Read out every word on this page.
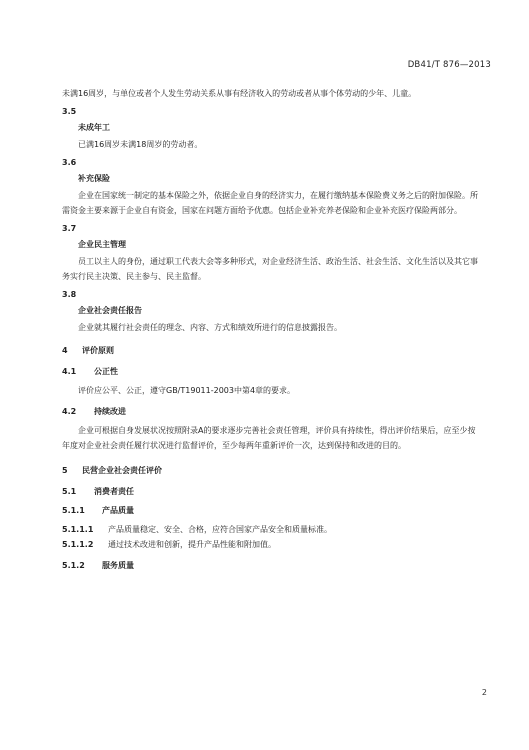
DB41/T 876—2013

未满16周岁，与单位或者个人发生劳动关系从事有经济收入的劳动或者从事个体劳动的少年、儿童。

3.5

未成年工

已满16周岁未满18周岁的劳动者。

3.6

补充保险

企业在国家统一制定的基本保险之外，依据企业自身的经济实力，在履行缴纳基本保险费义务之后的附加保险。所需资金主要来源于企业自有资金，国家在问题方面给予优惠。包括企业补充养老保险和企业补充医疗保险两部分。

3.7

企业民主管理

员工以主人的身份，通过职工代表大会等多种形式，对企业经济生活、政治生活、社会生活、文化生活以及其它事务实行民主决策、民主参与、民主监督。

3.8

企业社会责任报告

企业就其履行社会责任的理念、内容、方式和绩效所进行的信息披露报告。

4 评价原则

4.1 公正性

评价应公平、公正，遵守GB/T19011-2003中第4章的要求。

4.2 持续改进

企业可根据自身发展状况按照附录A的要求逐步完善社会责任管理，评价具有持续性，得出评价结果后，应至少按年度对企业社会责任履行状况进行监督评价，至少每两年重新评价一次，达到保持和改进的目的。

5 民营企业社会责任评价

5.1 消费者责任

5.1.1 产品质量

5.1.1.1 产品质量稳定、安全、合格，应符合国家产品安全和质量标准。

5.1.1.2 通过技术改进和创新，提升产品性能和附加值。

5.1.2 服务质量

2
